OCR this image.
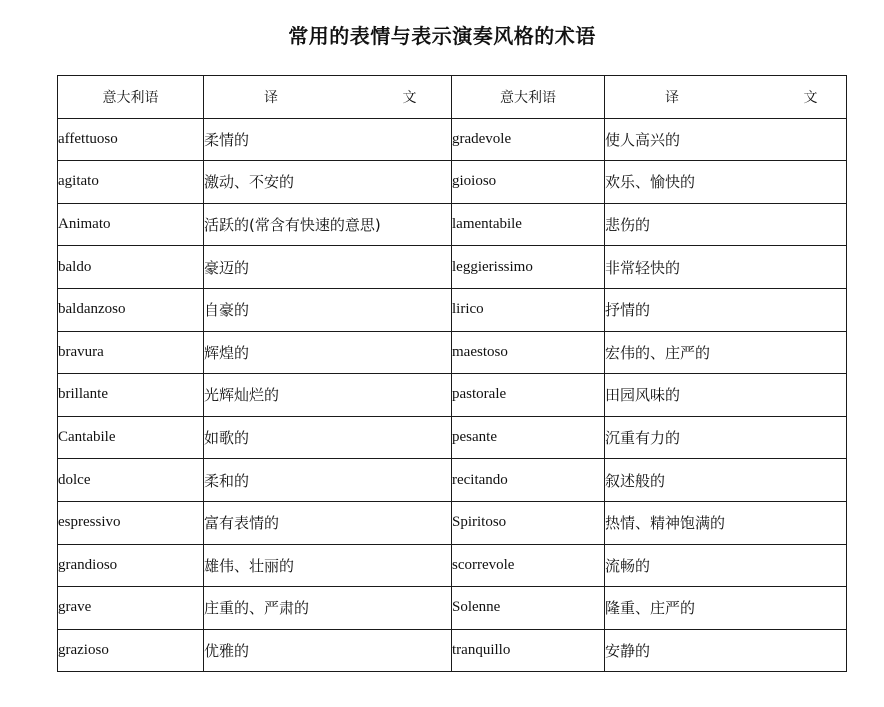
常用的表情与表示演奏风格的术语
意大利语	译 文	意大利语	译 文
affettuoso	柔情的	gradevole	使人高兴的
agitato	激动、不安的	gioioso	欢乐、愉快的
Animato	活跃的(常含有快速的意思)	lamentabile	悲伤的
baldo	豪迈的	leggierissimo	非常轻快的
baldanzoso	自豪的	lirico	抒情的
bravura	辉煌的	maestoso	宏伟的、庄严的
brillante	光辉灿烂的	pastorale	田园风味的
Cantabile	如歌的	pesante	沉重有力的
dolce	柔和的	recitando	叙述般的
espressivo	富有表情的	Spiritoso	热情、精神饱满的
grandioso	雄伟、壮丽的	scorrevole	流畅的
grave	庄重的、严肃的	Solenne	隆重、庄严的
grazioso	优雅的	tranquillo	安静的
